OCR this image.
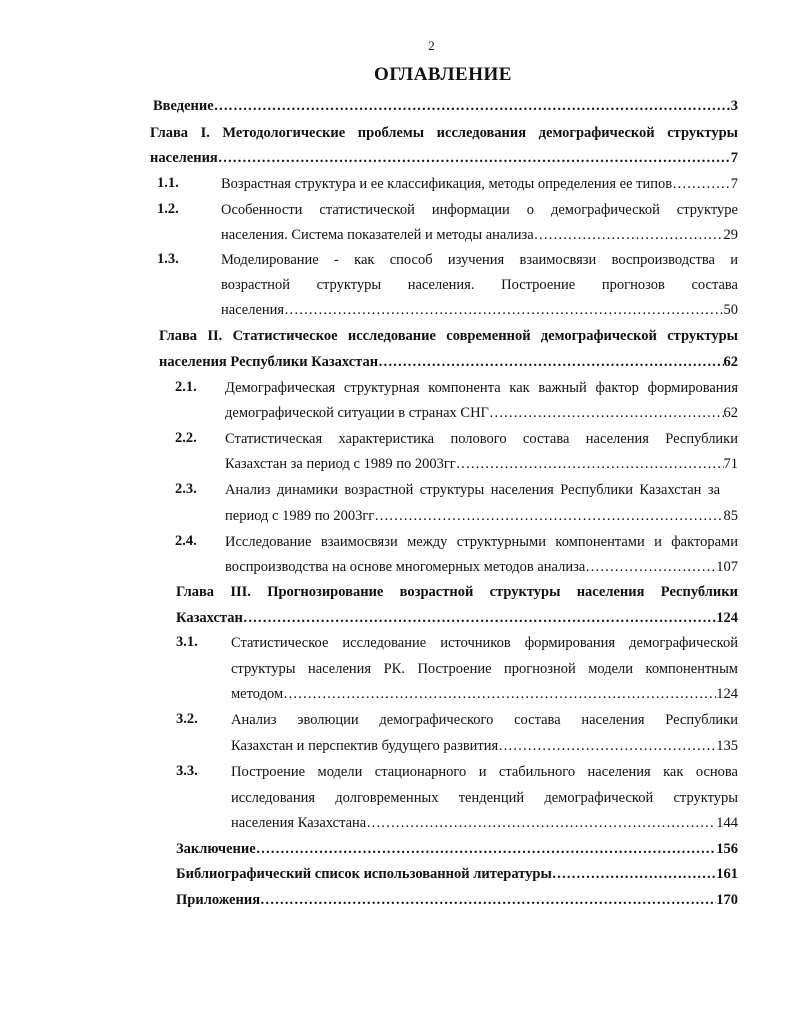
2
ОГЛАВЛЕНИЕ
Введение …………………………………………………………………………………………………………………………………………………………………………………	3
Глава I. Методологические проблемы исследования демографической структуры
населения …………………………………………………………………………………………………………………………………………………………………………………	7
1.1.	Возрастная структура и ее классификация, методы определения ее типов …………………………………………………………………………………………………………………………………………………………………………………	7
1.2.	Особенности статистической информации о демографической структуре
населения. Система показателей и методы анализа …………………………………………………………………………………………………………………………………………………………………………………	29
1.3.	Моделирование - как способ изучения взаимосвязи воспроизводства и
возрастной структуры населения. Построение прогнозов состава
населения …………………………………………………………………………………………………………………………………………………………………………………	50
Глава II. Статистическое исследование современной демографической структуры
населения Республики Казахстан …………………………………………………………………………………………………………………………………………………………………………………	62
2.1. Демографическая структурная компонента как важный фактор формирования
демографической ситуации в странах СНГ …………………………………………………………………………………………………………………………………………………………………………………	62
2.2. Статистическая характеристика полового состава населения Республики
Казахстан за период с 1989 по 2003гг …………………………………………………………………………………………………………………………………………………………………………………	71
2.3. Анализ динамики возрастной структуры населения Республики Казахстан за
период с 1989 по 2003гг …………………………………………………………………………………………………………………………………………………………………………………	85
2.4. Исследование взаимосвязи между структурными компонентами и факторами
воспроизводства на основе многомерных методов анализа …………………………………………………………………………………………………………………………………………………………………………………	107
Глава III. Прогнозирование возрастной структуры населения Республики
Казахстан …………………………………………………………………………………………………………………………………………………………………………………	124
3.1. Статистическое исследование источников формирования демографической
структуры населения РК. Построение прогнозной модели компонентным
методом …………………………………………………………………………………………………………………………………………………………………………………	124
3.2. Анализ эволюции демографического состава населения Республики
Казахстан и перспектив будущего развития …………………………………………………………………………………………………………………………………………………………………………………	135
3.3. Построение модели стационарного и стабильного населения как основа
исследования долговременных тенденций демографической структуры
населения Казахстана …………………………………………………………………………………………………………………………………………………………………………………	144
Заключение …………………………………………………………………………………………………………………………………………………………………………………	156
Библиографический список использованной литературы …………………………………………………………………………………………………………………………………………………………………………………	161
Приложения …………………………………………………………………………………………………………………………………………………………………………………	170
